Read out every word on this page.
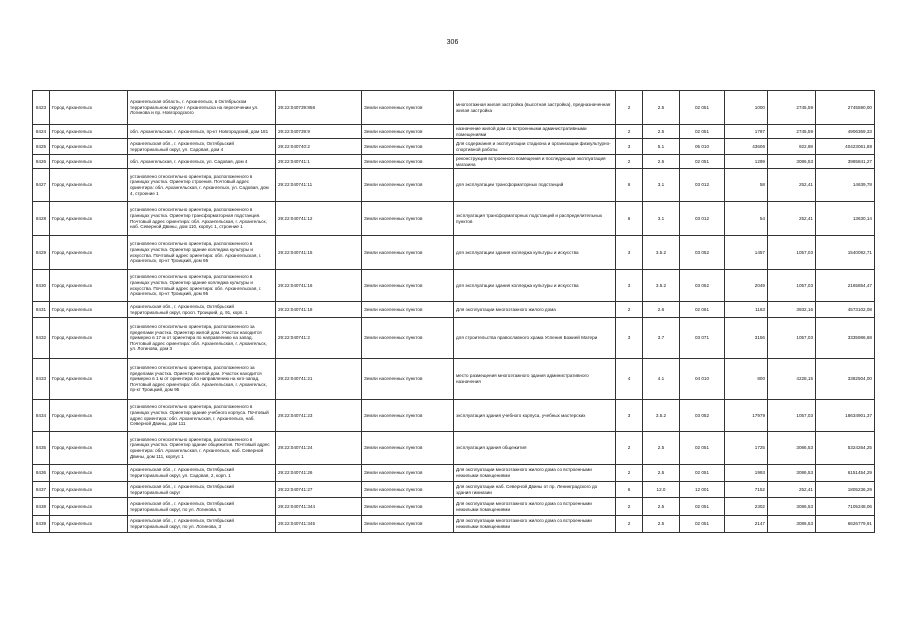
306
8423	Город Архангельск	Архангельская область, г. Архангельск, в Октябрьском территориальном округе г Архангельска на пересечении ул. Логинова и пр. Новгородского	29:22:040739:858	Земли населенных пунктов	многоэтажная жилая застройка (высотная застройка), предназначенная жилая застройка	2	2.5	02 051	1000	2745,59	2745590,00
8424	Город Архангельск	обл. Архангельская, г. Архангельск, пр-кт Новгородский, дом 181	29:22:040739:9	Земли населенных пунктов	назначение жилой дом со встроенными административными помещениями	2	2.5	02 051	1787	2745,59	4906369,33
8425	Город Архангельск	Архангельская обл., г. Архангельск, Октябрьский территориальный округ, ул. Садовая, дом 4	29:22:040740:2	Земли населенных пунктов	Для содержания и эксплуатации стадиона и организации физкультурно-спортивной работы	3	5.1	05 010	43606	922,98	40423061,88
8426	Город Архангельск	обл. Архангельская, г. Архангельск, ул. Садовая, дом 4	29:22:040741:1	Земли населенных пунктов	реконструкция встроенного помещения и последующая эксплуатация магазина	2	2.5	02 051	1299	3086,53	3985841,27
8427	Город Архангельск	установлено относительно ориентира, расположенного в границах участка. Ориентир строения. Почтовый адрес ориентира: обл. Архангельская, г. Архангельск, ул. Садовая, дом 4, строение 1	29:22:040741:11	Земли населенных пунктов	для эксплуатации трансформаторных подстанций	6	3.1	03 012	58	252,41	14639,78
8428	Город Архангельск	установлено относительно ориентира, расположенного в границах участка. Ориентир трансформаторная подстанция. Почтовый адрес ориентира: обл. Архангельская, г. Архангельск, наб. Северной Двины, дом 110, корпус 1, строение 1	29:22:040741:12	Земли населенных пунктов	эксплуатация трансформаторных подстанций и распределительных пунктов	6	3.1	03 012	54	252,41	13630,14
8429	Город Архангельск	установлено относительно ориентира, расположенного в границах участка. Ориентир здание колледжа культуры и искусства. Почтовый адрес ориентира: обл. Архангельская, г. Архангельск, пр-кт Троицкий, дом 95	29:22:040741:15	Земли населенных пунктов	для эксплуатации здания колледжа культуры и искусства	3	3.5.2	03 052	1457	1057,03	1540092,71
8430	Город Архангельск	установлено относительно ориентира, расположенного в границах участка. Ориентир здание колледжа культуры и искусства. Почтовый адрес ориентира: обл. Архангельская, г. Архангельск, пр-кт Троицкий, дом 95	29:22:040741:16	Земли населенных пунктов	для эксплуатации здания колледжа культуры и искусства	3	3.5.2	03 052	2049	1057,03	2165854,47
8431	Город Архангельск	Архангельская обл., г. Архангельск, Октябрьский территориальный округ, просп. Троицкий, д. 91, корп. 1	29:22:040741:18	Земли населенных пунктов	Для эксплуатации многоэтажного жилого дома	2	2.6	02 061	1163	3932,16	4573102,08
8432	Город Архангельск	установлено относительно ориентира, расположенного за пределами участка. Ориентир жилой дом. Участок находится примерно в 17 м от ориентира по направлению на запад. Почтовый адрес ориентира: обл. Архангельская, г. Архангельск, ул. Логинова, дом 3	29:22:040741:2	Земли населенных пунктов	для строительства православного храма Успения Божией Матери	3	3.7	03 071	3156	1057,03	3335986,68
8433	Город Архангельск	установлено относительно ориентира, расположенного за пределами участка. Ориентир жилой дом. Участок находится примерно в 1 м от ориентира по направлению на юго-запад. Почтовый адрес ориентира: обл. Архангельская, г. Архангельск, пр-кт Троицкий, дом 95	29:22:040741:21	Земли населенных пунктов	место размещения многоэтажного здания административного назначения	4	4.1	04 010	800	4228,15	3382504,00
8434	Город Архангельск	установлено относительно ориентира, расположенного в границах участка. Ориентир здание учебного корпуса. Почтовый адрес ориентира: обл. Архангельская, г. Архангельск, наб. Северной Двины, дом 111	29:22:040741:23	Земли населенных пунктов	эксплуатация здания учебного корпуса, учебных мастерских	3	3.5.2	03 052	17979	1057,03	18634901,37
8435	Город Архангельск	установлено относительно ориентира, расположенного в границах участка. Ориентир здание общежития. Почтовый адрес ориентира: обл. Архангельская, г. Архангельск, наб. Северной Двины, дом 111, корпус 1	29:22:040741:24	Земли населенных пунктов	эксплуатация здания общежития	2	2.5	02 051	1725	3086,53	5324264,25
8436	Город Архангельск	Архангельская обл., г. Архангельск, Октябрьский территориальный округ, ул. Садовая, 2, корп. 1	29:22:040741:26	Земли населенных пунктов	Для эксплуатации многоэтажного жилого дома со встроенными нежилыми помещениями	2	2.5	02 051	1993	3086,53	6151454,29
8437	Город Архангельск	Архангельская обл., г. Архангельск, Октябрьский территориальный округ	29:22:040741:27	Земли населенных пунктов	Для эксплуатации наб. Северной Двины от пр. Ленинградского до здания гимназии	6	12.0	12 001	7152	252,41	1805236,29
8438	Город Архангельск	Архангельская обл., г. Архангельск, Октябрьский территориальный округ, по ул. Логинова, 5	29:22:040741:344	Земли населенных пунктов	Для эксплуатации многоэтажного жилого дома со встроенными нежилыми помещениями	2	2.5	02 051	2302	3086,53	7105248,06
8439	Город Архангельск	Архангельская обл., г. Архангельск, Октябрьский территориальный округ, по ул. Логинова, 3	29:22:040741:345	Земли населенных пунктов	Для эксплуатации многоэтажного жилого дома со встроенными нежилыми помещениями	2	2.5	02 051	2147	3086,53	6626779,91
